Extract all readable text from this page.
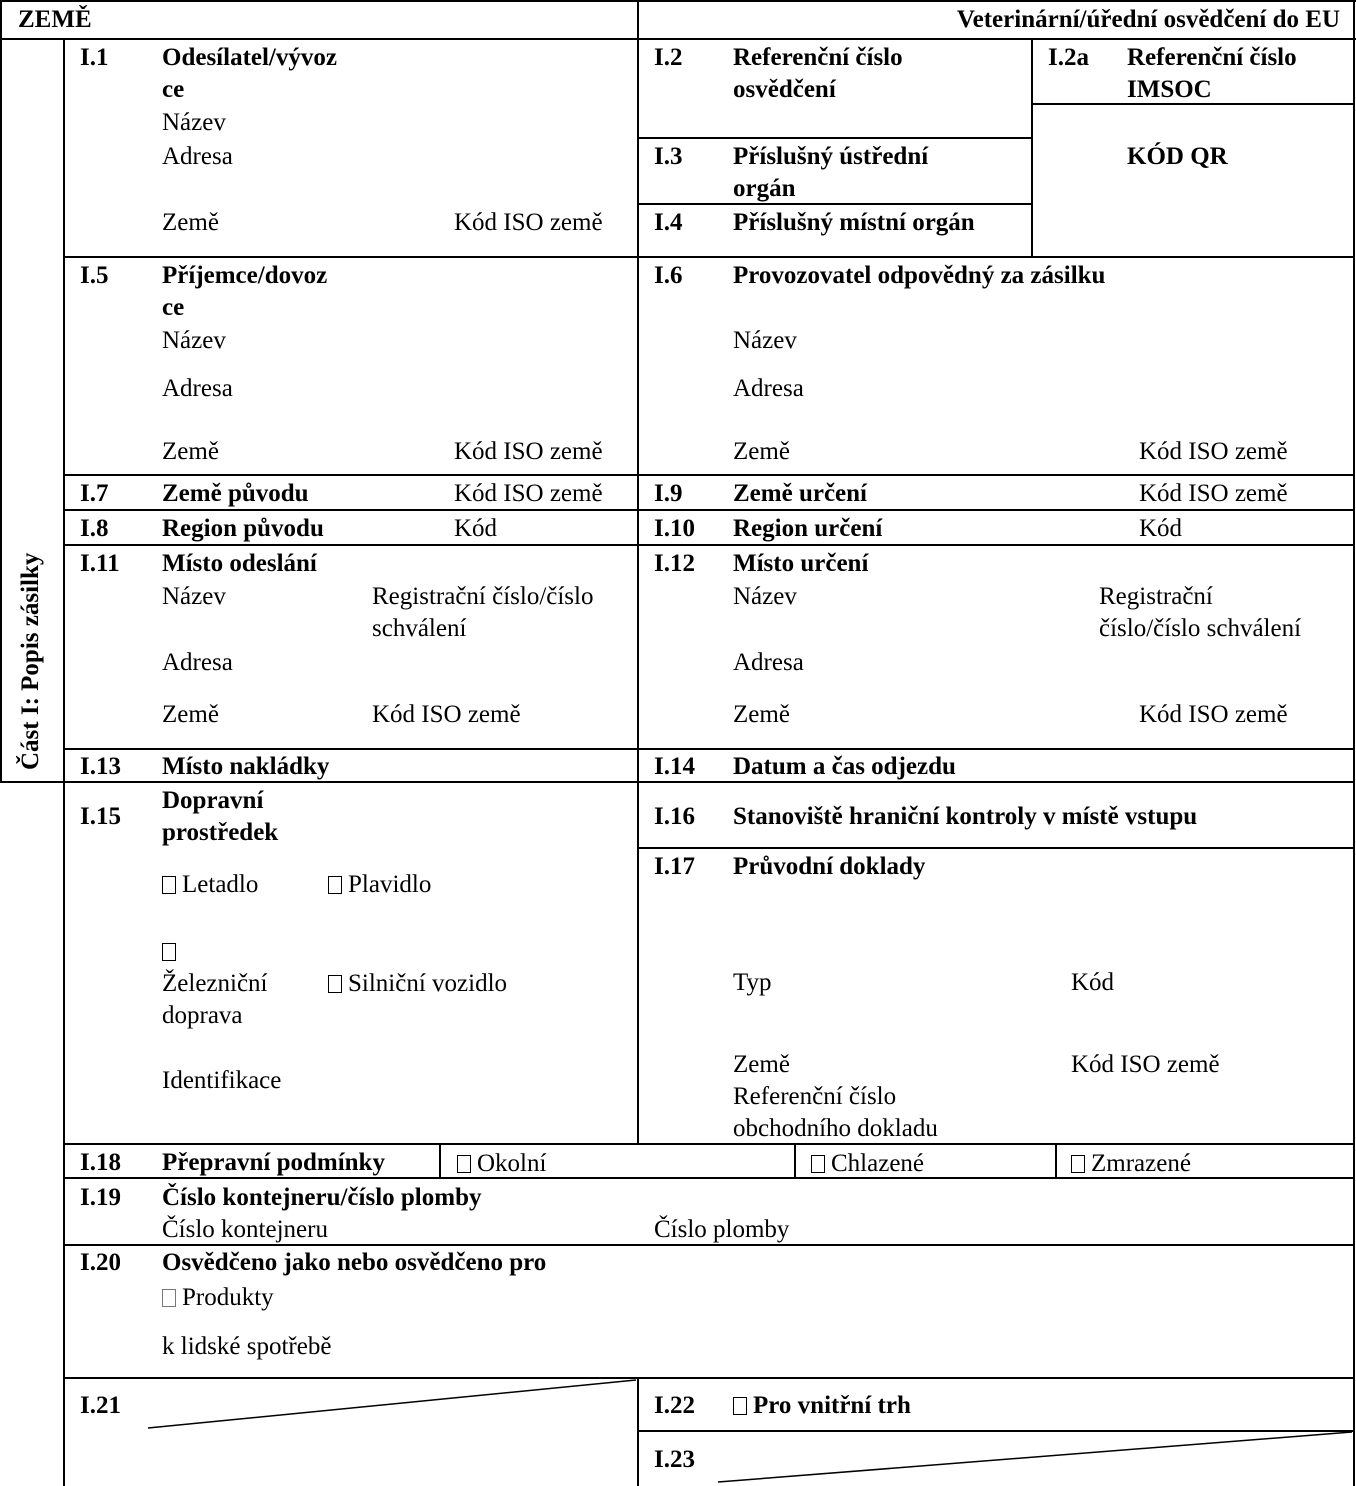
ZEMĚ	Veterinární/úřední osvědčení do EU
Část I: Popis zásilky
I.1 Odesílatel/vývoz
ce
Název
Adresa
Země	Kód ISO země
I.2 Referenční číslo
osvědčení
I.2a Referenční číslo
IMSOC
KÓD QR
I.3 Příslušný ústřední
orgán
I.4 Příslušný místní orgán
I.5 Příjemce/dovoz
ce
Název
Adresa
Země	Kód ISO země
I.6 Provozovatel odpovědný za zásilku
Název
Adresa
Země	Kód ISO země
I.7 Země původu	Kód ISO země I.9 Země určení	Kód ISO země
I.8 Region původu	Kód	I.10 Region určení	Kód
I.11 Místo odeslání
Název	Registrační číslo/číslo
schválení
Adresa
Země	Kód ISO země
I.12 Místo určení
Název	Registrační
číslo/číslo schválení
Adresa
Země	Kód ISO země
I.13 Místo nakládky	I.14 Datum a čas odjezdu
I.15
Dopravní
prostředek
Letadlo	Plavidlo
Železniční
doprava
Silniční vozidlo
Identifikace
I.16 Stanoviště hraniční kontroly v místě vstupu
I.17 Průvodní doklady
Typ	Kód
Země	Kód ISO země
Referenční číslo
obchodního dokladu
I.18 Přepravní podmínky	Okolní	Chlazené	Zmrazené
I.19 Číslo kontejneru/číslo plomby
Číslo kontejneru	Číslo plomby
I.20 Osvědčeno jako nebo osvědčeno pro
Produkty
k lidské spotřebě
I.21	I.22	Pro vnitřní trh
I.23
